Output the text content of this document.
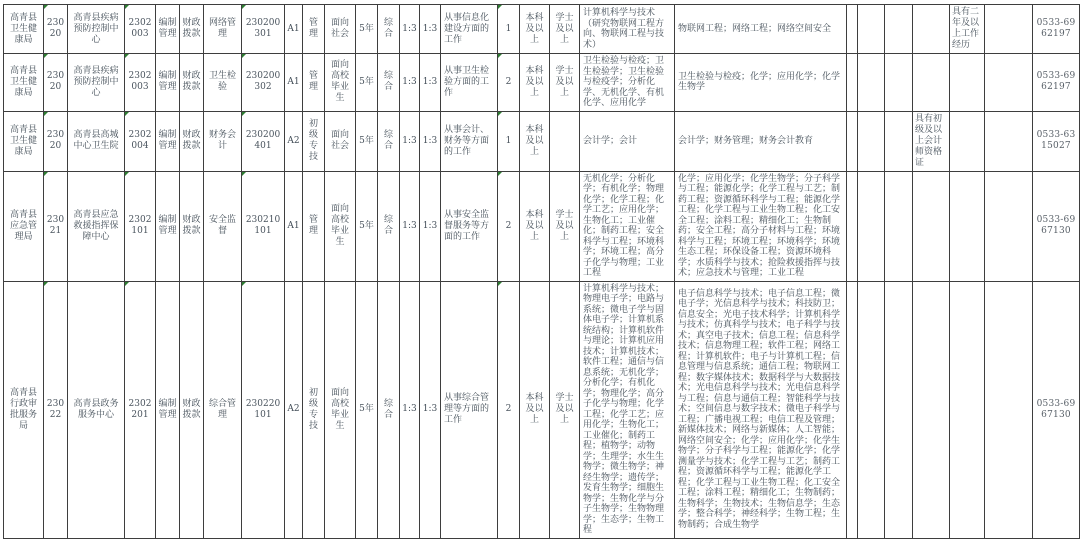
高青县卫生健康局	23020	高青县疾病预防控制中心	2302003	编制管理	财政拨款	网络管理	230200301	A1	管理	面向社会	5年	综合	1:3	1:3	从事信息化建设方面的工作	1	本科及以上	学士及以上	计算机科学与技术（研究物联网工程方向、物联网工程与技术）	物联网工程；网络工程；网络空间安全					具有二年及以上工作经历		0533-6962197
高青县卫生健康局	23020	高青县疾病预防控制中心	2302003	编制管理	财政拨款	卫生检验	230200302	A1	管理	面向高校毕业生	5年	综合	1:3	1:3	从事卫生检验方面的工作	2	本科及以上	学士及以上	卫生检验与检疫；卫生检验学；卫生检验与检疫学；分析化学、无机化学、有机化学、应用化学	卫生检验与检疫；化学；应用化学；化学生物学							0533-6962197
高青县卫生健康局	23020	高青县高城中心卫生院	2302004	编制管理	财政拨款	财务会计	230200401	A2	初级专技	面向社会	5年	综合	1:3	1:3	从事会计、财务等方面的工作	1	本科及以上		会计学；会计	会计学；财务管理；财务会计教育				具有初级及以上会计师资格证			0533-6315027
高青县应急管理局	23021	高青县应急救援指挥保障中心	2302101	编制管理	财政拨款	安全监督	230210101	A1	管理	面向高校毕业生	5年	综合	1:3	1:3	从事安全监督服务等方面的工作	2	本科及以上	学士及以上	无机化学；分析化学；有机化学；物理化学；化学工程；化学工艺；应用化学；生物化工；工业催化；制药工程；安全科学与工程；环境科学；环境工程；高分子化学与物理；工业工程	化学；应用化学；化学生物学；分子科学与工程；能源化学；化学工程与工艺；制药工程；资源循环科学与工程；能源化学工程；化学工程与工业生物工程；化工安全工程；涂料工程；精细化工；生物制药；安全工程；高分子材料与工程；环境科学与工程；环境工程；环境科学；环境生态工程；环保设备工程；资源环境科学；水质科学与技术；抢险救援指挥与技术；应急技术与管理；工业工程							0533-6967130
高青县行政审批服务局	23022	高青县政务服务中心	2302201	编制管理	财政拨款	综合管理	230220101	A2	初级专技	面向高校毕业生	5年	综合	1:3	1:3	从事综合管理等方面的工作	2	本科及以上	学士及以上	计算机科学与技术；物理电子学；电路与系统；微电子学与固体电子学；计算机系统结构；计算机软件与理论；计算机应用技术；计算机技术；软件工程；通信与信息系统；无机化学；分析化学；有机化学；物理化学；高分子化学与物理；化学工程；化学工艺；应用化学；生物化工；工业催化；制药工程；植物学；动物学；生理学；水生生物学；微生物学；神经生物学；遗传学；发育生物学；细胞生物学；生物化学与分子生物学；生物物理学；生态学；生物工程	电子信息科学与技术；电子信息工程；微电子学；光信息科学与技术；科技防卫；信息安全；光电子技术科学；计算机科学与技术；仿真科学与技术；电子科学与技术；真空电子技术；信息工程；信息科学技术；信息物理工程；软件工程；网络工程；计算机软件；电子与计算机工程；信息管理与信息系统；通信工程；物联网工程；数字媒体技术；数据科学与大数据技术；光电信息科学与技术；光电信息科学与工程；信息与通信工程；智能科学与技术；空间信息与数字技术；微电子科学与工程；广播电视工程；电信工程及管理；新媒体技术；网络与新媒体；人工智能；网络空间安全；化学；应用化学；化学生物学；分子科学与工程；能源化学；化学测量学与技术；化学工程与工艺；制药工程；资源循环科学与工程；能源化学工程；化学工程与工业生物工程；化工安全工程；涂料工程；精细化工；生物制药；生物科学；生物技术；生物信息学；生态学；整合科学；神经科学；生物工程；生物制药；合成生物学							0533-6967130
